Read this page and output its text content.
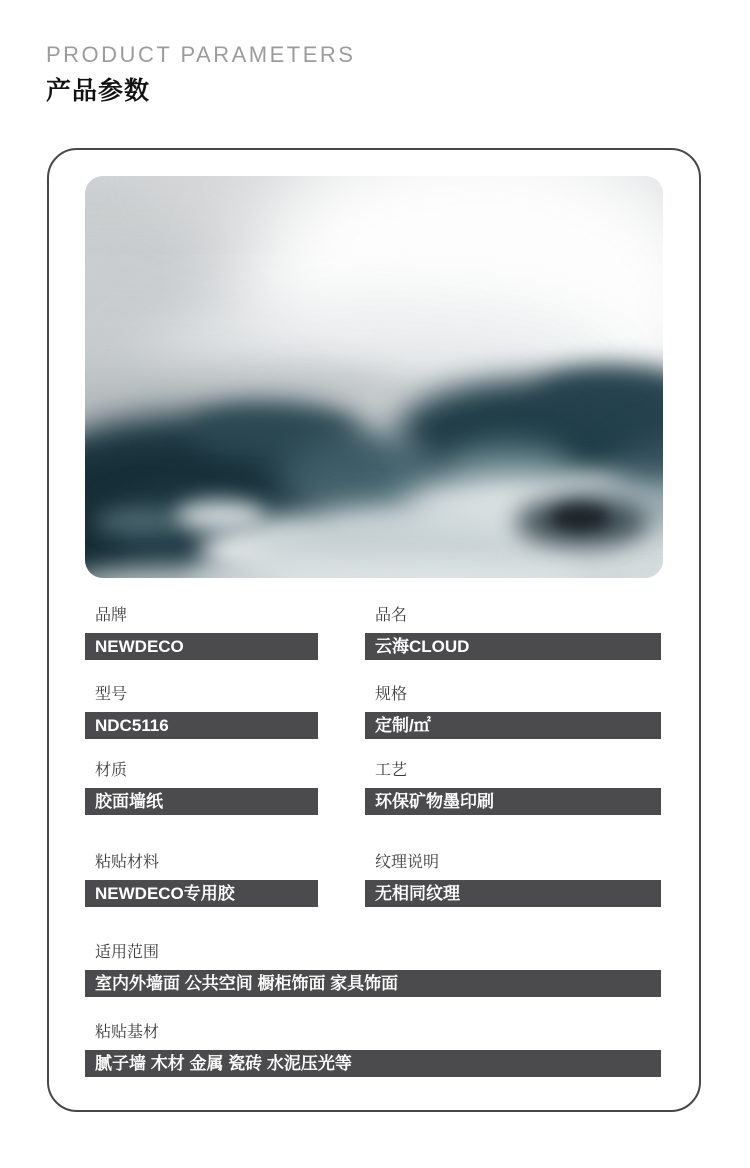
PRODUCT PARAMETERS
产品参数
品牌
NEWDECO
品名
云海CLOUD
型号
NDC5116
规格
定制/㎡
材质
胶面墙纸
工艺
环保矿物墨印刷
粘贴材料
NEWDECO专用胶
纹理说明
无相同纹理
适用范围
室内外墙面 公共空间 橱柜饰面 家具饰面
粘贴基材
腻子墙 木材 金属 瓷砖 水泥压光等
